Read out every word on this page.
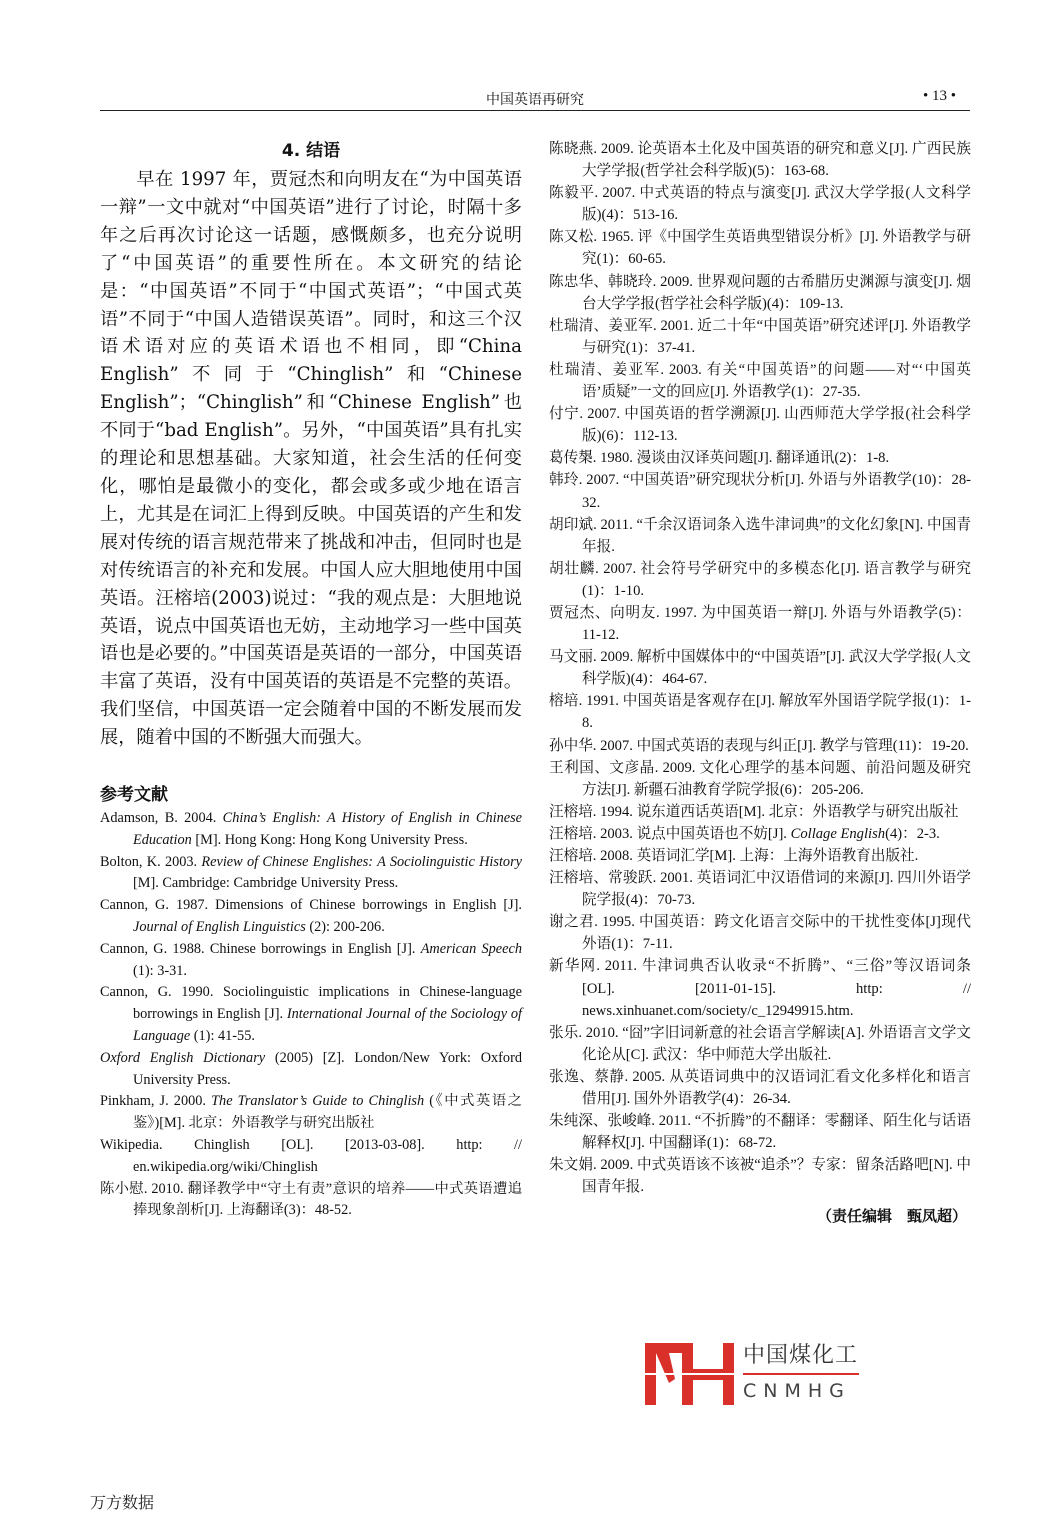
中国英语再研究	• 13 •
4. 结语

早在 1997 年，贾冠杰和向明友在“为中国英语一辩”一文中就对“中国英语”进行了讨论，时隔十多年之后再次讨论这一话题，感慨颇多，也充分说明了“中国英语”的重要性所在。本文研究的结论是：“中国英语”不同于“中国式英语”；“中国式英语”不同于“中国人造错误英语”。同时，和这三个汉语术语对应的英语术语也不相同，即“China English”不同于“Chinglish”和“Chinese English”；“Chinglish”和“Chinese English”也不同于“bad English”。另外，“中国英语”具有扎实的理论和思想基础。大家知道，社会生活的任何变化，哪怕是最微小的变化，都会或多或少地在语言上，尤其是在词汇上得到反映。中国英语的产生和发展对传统的语言规范带来了挑战和冲击，但同时也是对传统语言的补充和发展。中国人应大胆地使用中国英语。汪榕培(2003)说过：“我的观点是：大胆地说英语，说点中国英语也无妨，主动地学习一些中国英语也是必要的。”中国英语是英语的一部分，中国英语丰富了英语，没有中国英语的英语是不完整的英语。我们坚信，中国英语一定会随着中国的不断发展而发展，随着中国的不断强大而强大。

参考文献
Adamson, B. 2004. China’s English: A History of English in Chinese Education [M]. Hong Kong: Hong Kong University Press.
Bolton, K. 2003. Review of Chinese Englishes: A Sociolinguistic History [M]. Cambridge: Cambridge University Press.
Cannon, G. 1987. Dimensions of Chinese borrowings in English [J]. Journal of English Linguistics (2): 200-206.
Cannon, G. 1988. Chinese borrowings in English [J]. American Speech (1): 3-31.
Cannon, G. 1990. Sociolinguistic implications in Chinese-language borrowings in English [J]. International Journal of the Sociology of Language (1): 41-55.
Oxford English Dictionary (2005) [Z]. London/New York: Oxford University Press.
Pinkham, J. 2000. The Translator’s Guide to Chinglish (《中式英语之鉴》)[M]. 北京：外语教学与研究出版社
Wikipedia. Chinglish [OL]. [2013-03-08]. http: // en.wikipedia.org/wiki/Chinglish
陈小慰. 2010. 翻译教学中“守土有责”意识的培养——中式英语遭追捧现象剖析[J]. 上海翻译(3)：48-52.
陈晓燕. 2009. 论英语本土化及中国英语的研究和意义[J]. 广西民族大学学报(哲学社会科学版)(5)：163-68.
陈毅平. 2007. 中式英语的特点与演变[J]. 武汉大学学报(人文科学版)(4)：513-16.
陈又松. 1965. 评《中国学生英语典型错误分析》[J]. 外语教学与研究(1)：60-65.
陈忠华、韩晓玲. 2009. 世界观问题的古希腊历史渊源与演变[J]. 烟台大学学报(哲学社会科学版)(4)：109-13.
杜瑞清、姜亚军. 2001. 近二十年“中国英语”研究述评[J]. 外语教学与研究(1)：37-41.
杜瑞清、姜亚军. 2003. 有关“中国英语”的问题——对“‘中国英语’质疑”一文的回应[J]. 外语教学(1)：27-35.
付宁. 2007. 中国英语的哲学溯源[J]. 山西师范大学学报(社会科学版)(6)：112-13.
葛传槼. 1980. 漫谈由汉译英问题[J]. 翻译通讯(2)：1-8.
韩玲. 2007. “中国英语”研究现状分析[J]. 外语与外语教学(10)：28-32.
胡印斌. 2011. “千余汉语词条入选牛津词典”的文化幻象[N]. 中国青年报.
胡壮麟. 2007. 社会符号学研究中的多模态化[J]. 语言教学与研究(1)：1-10.
贾冠杰、向明友. 1997. 为中国英语一辩[J]. 外语与外语教学(5)：11-12.
马文丽. 2009. 解析中国媒体中的“中国英语”[J]. 武汉大学学报(人文科学版)(4)：464-67.
榕培. 1991. 中国英语是客观存在[J]. 解放军外国语学院学报(1)：1-8.
孙中华. 2007. 中国式英语的表现与纠正[J]. 教学与管理(11)：19-20.
王利国、文彦晶. 2009. 文化心理学的基本问题、前沿问题及研究方法[J]. 新疆石油教育学院学报(6)：205-206.
汪榕培. 1994. 说东道西话英语[M]. 北京：外语教学与研究出版社
汪榕培. 2003. 说点中国英语也不妨[J]. Collage English(4)：2-3.
汪榕培. 2008. 英语词汇学[M]. 上海：上海外语教育出版社.
汪榕培、常骏跃. 2001. 英语词汇中汉语借词的来源[J]. 四川外语学院学报(4)：70-73.
谢之君. 1995. 中国英语：跨文化语言交际中的干扰性变体[J]现代外语(1)：7-11.
新华网. 2011. 牛津词典否认收录“不折腾”、“三俗”等汉语词条[OL]. [2011-01-15]. http: // news.xinhuanet.com/society/c_12949915.htm.
张乐. 2010. “囧”字旧词新意的社会语言学解读[A]. 外语语言文学文化论从[C]. 武汉：华中师范大学出版社.
张逸、蔡静. 2005. 从英语词典中的汉语词汇看文化多样化和语言借用[J]. 国外外语教学(4)：26-34.
朱纯深、张峻峰. 2011. “不折腾”的不翻译：零翻译、陌生化与话语解释权[J]. 中国翻译(1)：68-72.
朱文娟. 2009. 中式英语该不该被“追杀”？专家：留条活路吧[N]. 中国青年报.
（责任编辑　甄凤超）
中国煤化工
CNMHG
万方数据
